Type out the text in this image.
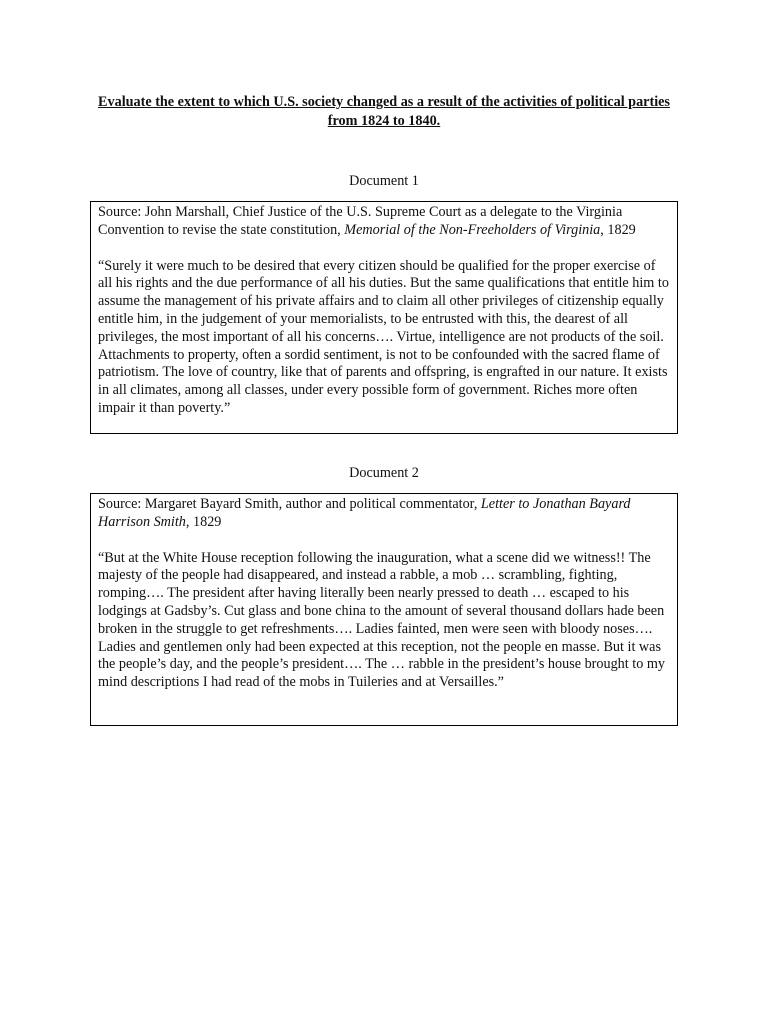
Evaluate the extent to which U.S. society changed as a result of the activities of political parties from 1824 to 1840.
Document 1
Source: John Marshall, Chief Justice of the U.S. Supreme Court as a delegate to the Virginia Convention to revise the state constitution, Memorial of the Non-Freeholders of Virginia, 1829
“Surely it were much to be desired that every citizen should be qualified for the proper exercise of all his rights and the due performance of all his duties. But the same qualifications that entitle him to assume the management of his private affairs and to claim all other privileges of citizenship equally entitle him, in the judgement of your memorialists, to be entrusted with this, the dearest of all privileges, the most important of all his concerns…. Virtue, intelligence are not products of the soil. Attachments to property, often a sordid sentiment, is not to be confounded with the sacred flame of patriotism. The love of country, like that of parents and offspring, is engrafted in our nature. It exists in all climates, among all classes, under every possible form of government. Riches more often impair it than poverty.”
Document 2
Source: Margaret Bayard Smith, author and political commentator, Letter to Jonathan Bayard Harrison Smith, 1829
“But at the White House reception following the inauguration, what a scene did we witness!! The majesty of the people had disappeared, and instead a rabble, a mob … scrambling, fighting, romping…. The president after having literally been nearly pressed to death … escaped to his lodgings at Gadsby’s. Cut glass and bone china to the amount of several thousand dollars hade been broken in the struggle to get refreshments…. Ladies fainted, men were seen with bloody noses…. Ladies and gentlemen only had been expected at this reception, not the people en masse. But it was the people’s day, and the people’s president…. The … rabble in the president’s house brought to my mind descriptions I had read of the mobs in Tuileries and at Versailles.”
